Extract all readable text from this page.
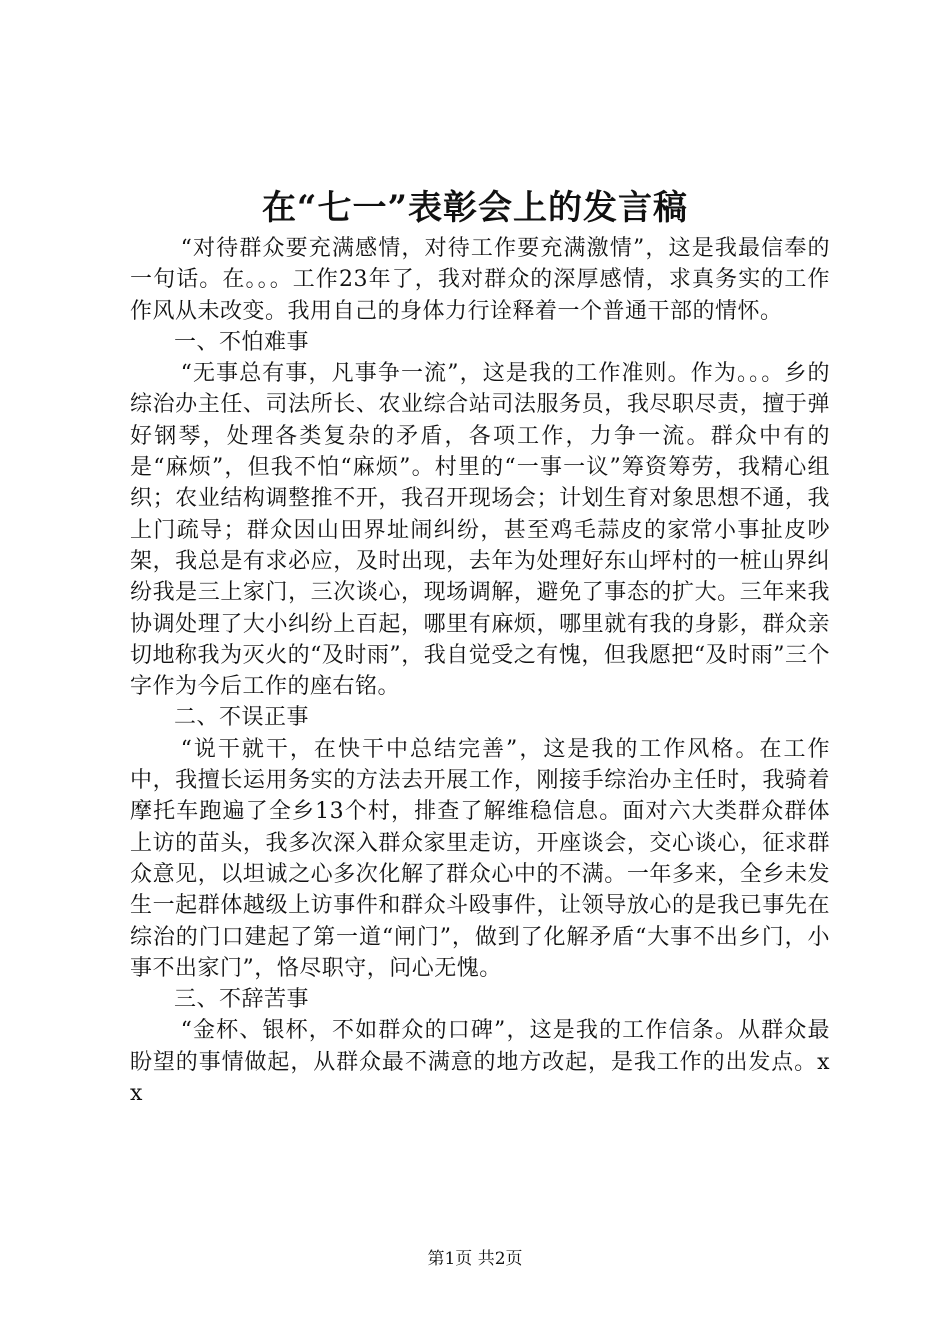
在“七一”表彰会上的发言稿

“对待群众要充满感情，对待工作要充满激情”，这是我最信奉的一句话。在。。。工作23年了，我对群众的深厚感情，求真务实的工作作风从未改变。我用自己的身体力行诠释着一个普通干部的情怀。

一、不怕难事

“无事总有事，凡事争一流”，这是我的工作准则。作为。。。乡的综治办主任、司法所长、农业综合站司法服务员，我尽职尽责，擅于弹好钢琴，处理各类复杂的矛盾，各项工作，力争一流。群众中有的是“麻烦”，但我不怕“麻烦”。村里的“一事一议”筹资筹劳，我精心组织；农业结构调整推不开，我召开现场会；计划生育对象思想不通，我上门疏导；群众因山田界址闹纠纷，甚至鸡毛蒜皮的家常小事扯皮吵架，我总是有求必应，及时出现，去年为处理好东山坪村的一桩山界纠纷我是三上家门，三次谈心，现场调解，避免了事态的扩大。三年来我协调处理了大小纠纷上百起，哪里有麻烦，哪里就有我的身影，群众亲切地称我为灭火的“及时雨”，我自觉受之有愧，但我愿把“及时雨”三个字作为今后工作的座右铭。

二、不误正事

“说干就干，在快干中总结完善”，这是我的工作风格。在工作中，我擅长运用务实的方法去开展工作，刚接手综治办主任时，我骑着摩托车跑遍了全乡13个村，排查了解维稳信息。面对六大类群众群体上访的苗头，我多次深入群众家里走访，开座谈会，交心谈心，征求群众意见，以坦诚之心多次化解了群众心中的不满。一年多来，全乡未发生一起群体越级上访事件和群众斗殴事件，让领导放心的是我已事先在综治的门口建起了第一道“闸门”，做到了化解矛盾“大事不出乡门，小事不出家门”，恪尽职守，问心无愧。

三、不辞苦事

“金杯、银杯，不如群众的口碑”，这是我的工作信条。从群众最盼望的事情做起，从群众最不满意的地方改起，是我工作的出发点。xx

第1页 共2页
